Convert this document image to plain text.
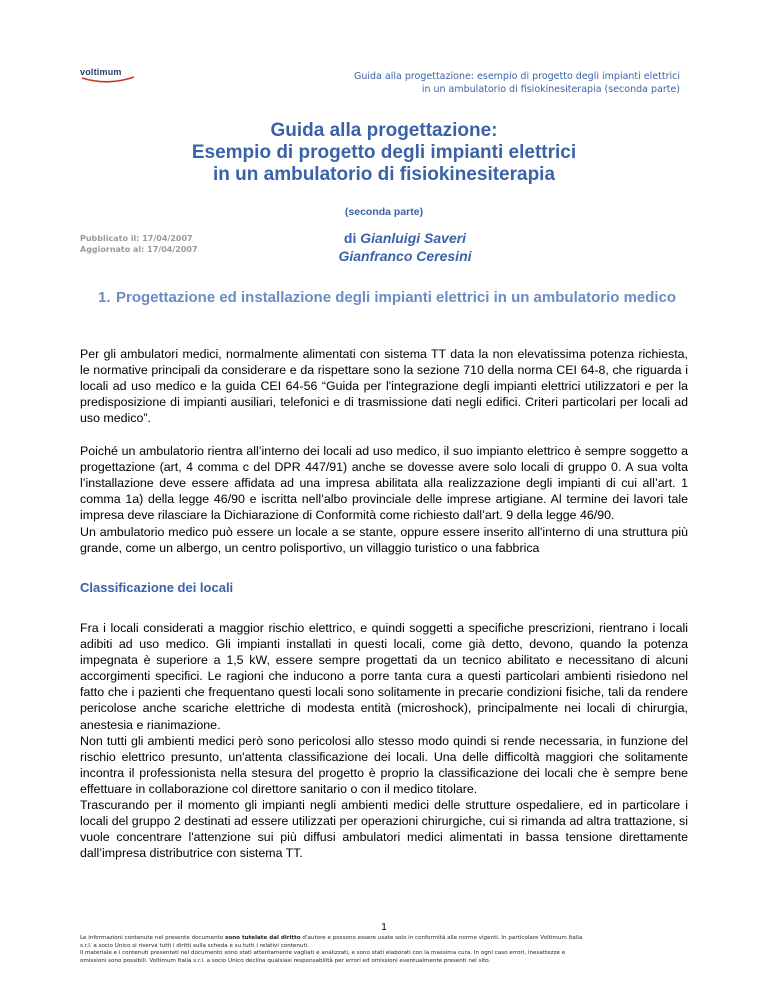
voltimum	Guida alla progettazione: esempio di progetto degli impianti elettrici
in un ambulatorio di fisiokinesiterapia (seconda parte)
Guida alla progettazione:
Esempio di progetto degli impianti elettrici
in un ambulatorio di fisiokinesiterapia
(seconda parte)
Pubblicato il: 17/04/2007
Aggiornato al: 17/04/2007
di Gianluigi Saveri
Gianfranco Ceresini
1. Progettazione ed installazione degli impianti elettrici in un ambulatorio medico
Per gli ambulatori medici, normalmente alimentati con sistema TT data la non elevatissima potenza richiesta, le normative principali da considerare e da rispettare sono la sezione 710 della norma CEI 64-8, che riguarda i locali ad uso medico e la guida CEI 64-56 “Guida per l'integrazione degli impianti elettrici utilizzatori e per la predisposizione di impianti ausiliari, telefonici e di trasmissione dati negli edifici. Criteri particolari per locali ad uso medico”.
Poiché un ambulatorio rientra all’interno dei locali ad uso medico, il suo impianto elettrico è sempre soggetto a progettazione (art, 4 comma c del DPR 447/91) anche se dovesse avere solo locali di gruppo 0. A sua volta l’installazione deve essere affidata ad una impresa abilitata alla realizzazione degli impianti di cui all’art. 1 comma 1a) della legge 46/90 e iscritta nell’albo provinciale delle imprese artigiane. Al termine dei lavori tale impresa deve rilasciare la Dichiarazione di Conformità come richiesto dall’art. 9 della legge 46/90.
Un ambulatorio medico può essere un locale a se stante, oppure essere inserito all'interno di una struttura più grande, come un albergo, un centro polisportivo, un villaggio turistico o una fabbrica
Classificazione dei locali
Fra i locali considerati a maggior rischio elettrico, e quindi soggetti a specifiche prescrizioni, rientrano i locali adibiti ad uso medico. Gli impianti installati in questi locali, come già detto, devono, quando la potenza impegnata è superiore a 1,5 kW, essere sempre progettati da un tecnico abilitato e necessitano di alcuni accorgimenti specifici. Le ragioni che inducono a porre tanta cura a questi particolari ambienti risiedono nel fatto che i pazienti che frequentano questi locali sono solitamente in precarie condizioni fisiche, tali da rendere pericolose anche scariche elettriche di modesta entità (microshock), principalmente nei locali di chirurgia, anestesia e rianimazione.
Non tutti gli ambienti medici però sono pericolosi allo stesso modo quindi si rende necessaria, in funzione del rischio elettrico presunto, un'attenta classificazione dei locali. Una delle difficoltà maggiori che solitamente incontra il professionista nella stesura del progetto è proprio la classificazione dei locali che è sempre bene effettuare in collaborazione col direttore sanitario o con il medico titolare.
Trascurando per il momento gli impianti negli ambienti medici delle strutture ospedaliere, ed in particolare i locali del gruppo 2 destinati ad essere utilizzati per operazioni chirurgiche, cui si rimanda ad altra trattazione, si vuole concentrare l'attenzione sui più diffusi ambulatori medici alimentati in bassa tensione direttamente dall’impresa distributrice con sistema TT.
1
Le informazioni contenute nel presente documento sono tutelate dal diritto d'autore e possono essere usate solo in conformità alle norme vigenti. In particolare Voltimum Italia
s.r.l. a socio Unico si riserva tutti i diritti sulla scheda e su tutti i relativi contenuti.
Il materiale e i contenuti presentati nel documento sono stati attentamente vagliati e analizzati, e sono stati elaborati con la massima cura. In ogni caso errori, inesattezze e
omissioni sono possibili. Voltimum Italia s.r.l. a socio Unico declina qualsiasi responsabilità per errori ed omissioni eventualmente presenti nel sito.
